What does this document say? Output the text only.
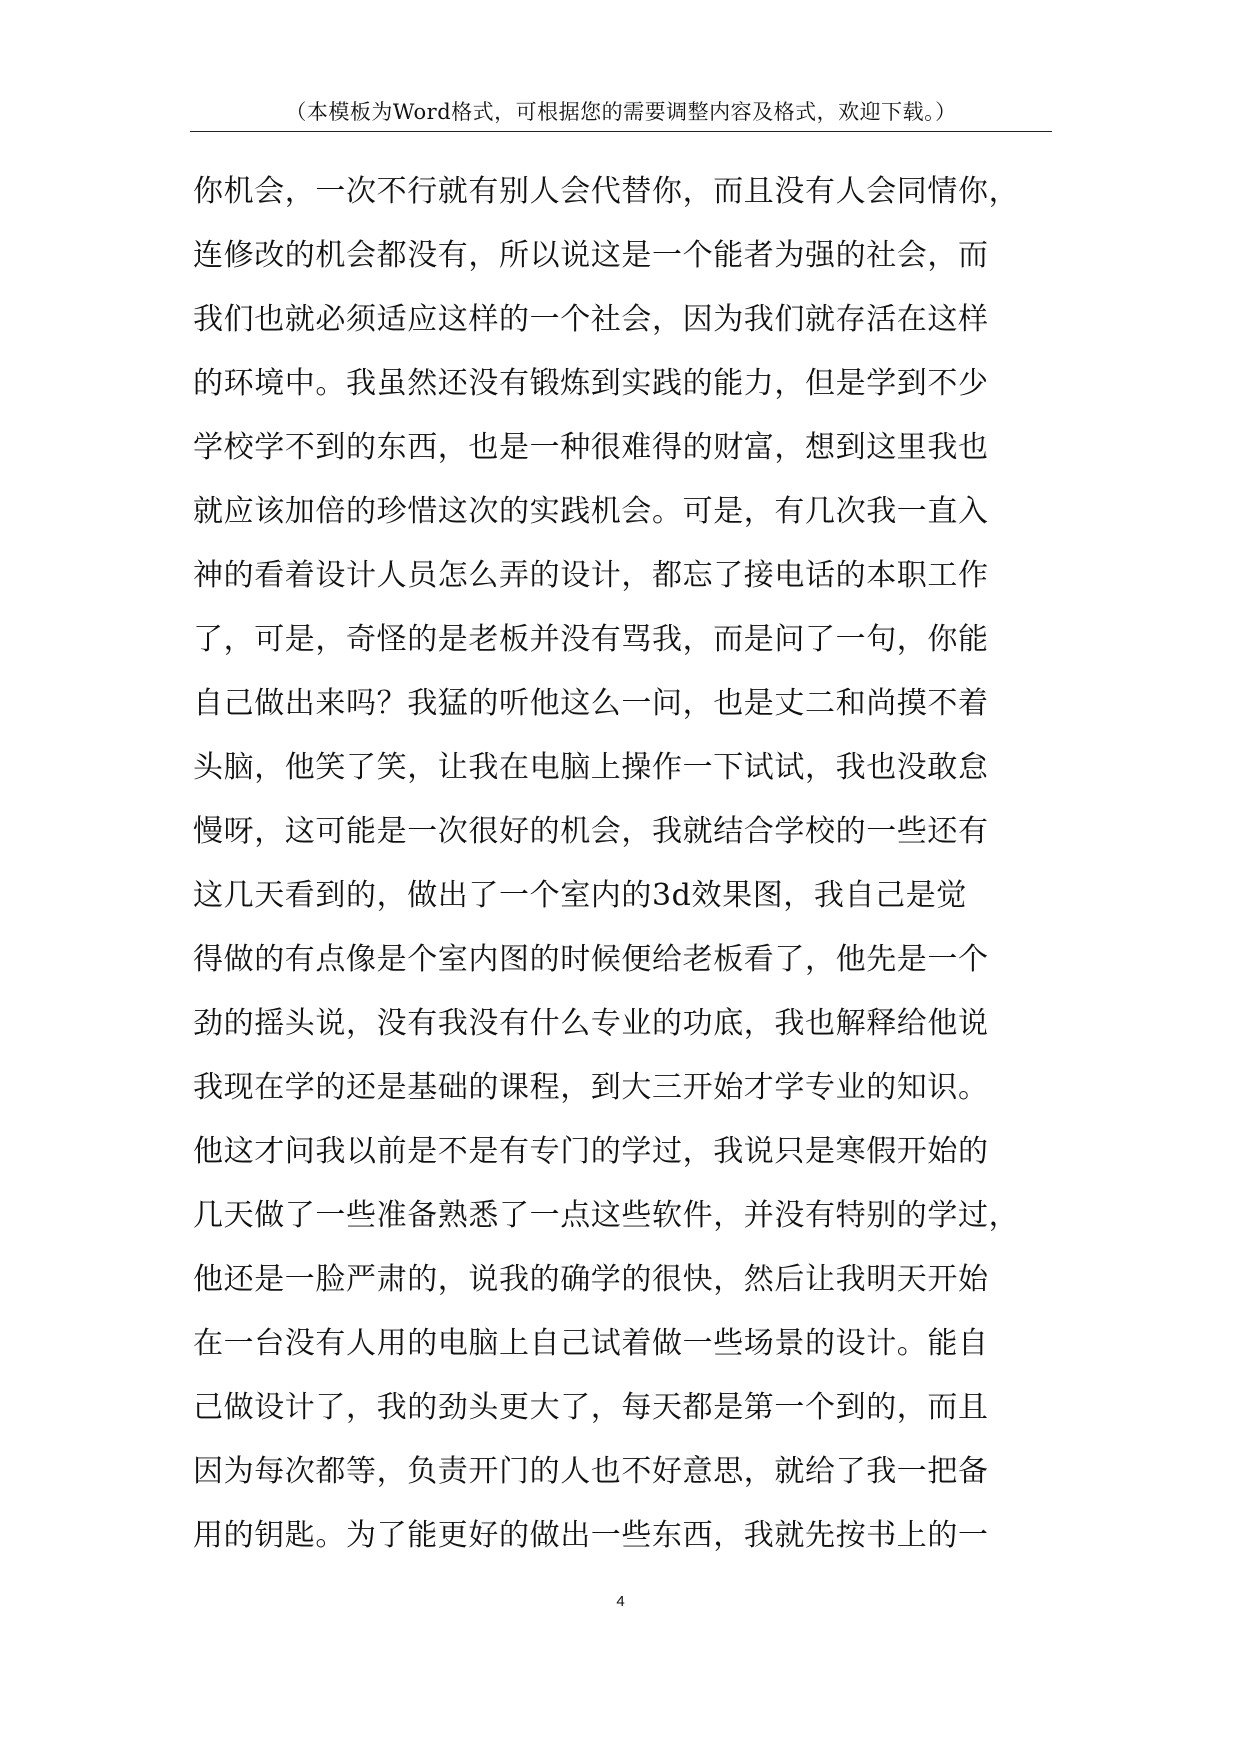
（本模板为Word格式，可根据您的需要调整内容及格式，欢迎下载。）
你机会，一次不行就有别人会代替你，而且没有人会同情你，
连修改的机会都没有，所以说这是一个能者为强的社会，而
我们也就必须适应这样的一个社会，因为我们就存活在这样
的环境中。我虽然还没有锻炼到实践的能力，但是学到不少
学校学不到的东西，也是一种很难得的财富，想到这里我也
就应该加倍的珍惜这次的实践机会。可是，有几次我一直入
神的看着设计人员怎么弄的设计，都忘了接电话的本职工作
了，可是，奇怪的是老板并没有骂我，而是问了一句，你能
自己做出来吗？我猛的听他这么一问，也是丈二和尚摸不着
头脑，他笑了笑，让我在电脑上操作一下试试，我也没敢怠
慢呀，这可能是一次很好的机会，我就结合学校的一些还有
这几天看到的，做出了一个室内的3d效果图，我自己是觉
得做的有点像是个室内图的时候便给老板看了，他先是一个
劲的摇头说，没有我没有什么专业的功底，我也解释给他说
我现在学的还是基础的课程，到大三开始才学专业的知识。
他这才问我以前是不是有专门的学过，我说只是寒假开始的
几天做了一些准备熟悉了一点这些软件，并没有特别的学过，
他还是一脸严肃的，说我的确学的很快，然后让我明天开始
在一台没有人用的电脑上自己试着做一些场景的设计。能自
己做设计了，我的劲头更大了，每天都是第一个到的，而且
因为每次都等，负责开门的人也不好意思，就给了我一把备
用的钥匙。为了能更好的做出一些东西，我就先按书上的一
4
